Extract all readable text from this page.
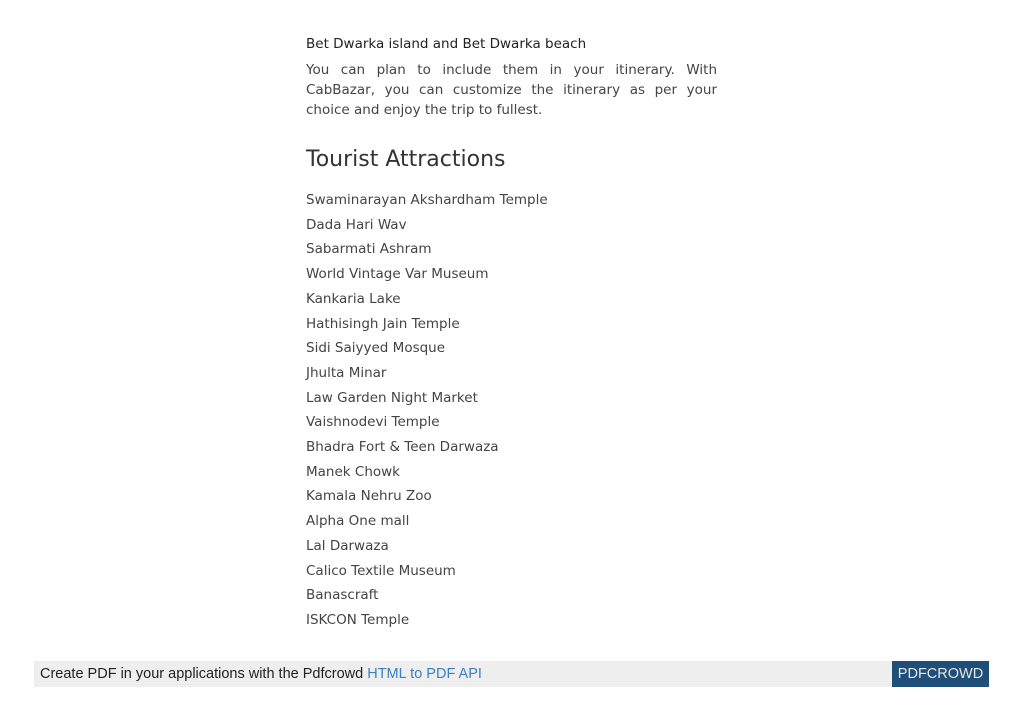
Bet Dwarka island and Bet Dwarka beach

You can plan to include them in your itinerary. With CabBazar, you can customize the itinerary as per your choice and enjoy the trip to fullest.

Tourist Attractions
Swaminarayan Akshardham Temple
Dada Hari Wav
Sabarmati Ashram
World Vintage Var Museum
Kankaria Lake
Hathisingh Jain Temple
Sidi Saiyyed Mosque
Jhulta Minar
Law Garden Night Market
Vaishnodevi Temple
Bhadra Fort & Teen Darwaza
Manek Chowk
Kamala Nehru Zoo
Alpha One mall
Lal Darwaza
Calico Textile Museum
Banascraft
ISKCON Temple
Create PDF in your applications with the Pdfcrowd HTML to PDF API	PDFCROWD
